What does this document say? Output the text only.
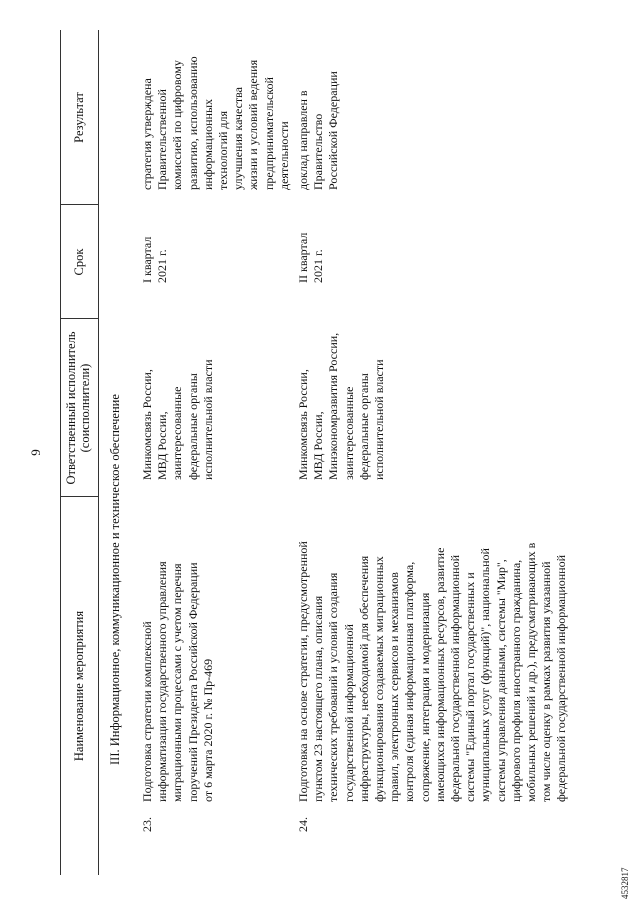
9
Наименование мероприятия
Ответственный исполнитель (соисполнители)
Срок
Результат
III. Информационное, коммуникационное и техническое обеспечение
23.
Подготовка стратегии комплексной информатизации государственного управления миграционными процессами с учетом перечня поручений Президента Российской Федерации от 6 марта 2020 г. № Пр-469
Минкомсвязь России, МВД России, заинтересованные федеральные органы исполнительной власти
I квартал 2021 г.
стратегия утверждена Правительственной комиссией по цифровому развитию, использованию информационных технологий для улучшения качества жизни и условий ведения предпринимательской деятельности
24.
Подготовка на основе стратегии, предусмотренной пунктом 23 настоящего плана, описания технических требований и условий создания государственной информационной инфраструктуры, необходимой для обеспечения функционирования создаваемых миграционных правил, электронных сервисов и механизмов контроля (единая информационная платформа, сопряжение, интеграция и модернизация имеющихся информационных ресурсов, развитие федеральной государственной информационной системы "Единый портал государственных и муниципальных услуг (функций)", национальной системы управления данными, системы "Мир", цифрового профиля иностранного гражданина, мобильных решений и др.), предусматривающих в том числе оценку в рамках развития указанной федеральной государственной информационной
Минкомсвязь России, МВД России, Минэкономразвития России, заинтересованные федеральные органы исполнительной власти
II квартал 2021 г.
доклад направлен в Правительство Российской Федерации
4532817
